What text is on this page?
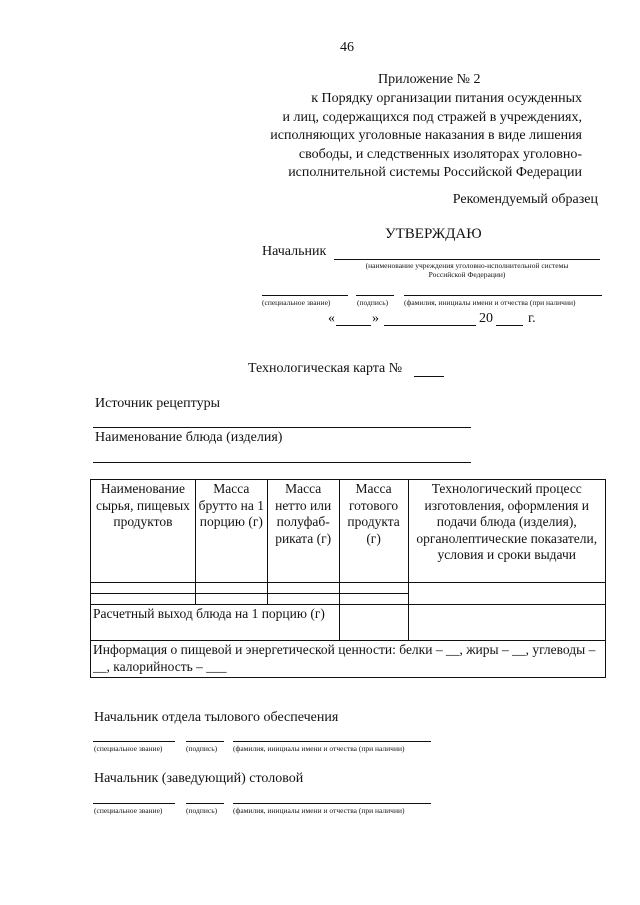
46
Приложение № 2
к Порядку организации питания осужденных
и лиц, содержащихся под стражей в учреждениях,
исполняющих уголовные наказания в виде лишения
свободы, и следственных изоляторах уголовно-
исполнительной системы Российской Федерации
Рекомендуемый образец
УТВЕРЖДАЮ
Начальник
(наименование учреждения уголовно-исполнительной системы
Российской Федерации)
(специальное звание)	(подпись) (фамилия, инициалы имени и отчества (при наличии)
«	»	20	г.
Технологическая карта №
Источник рецептуры
Наименование блюда (изделия)
Наименование сырья, пищевых продуктов	Масса брутто на 1 порцию (г)	Масса нетто или полуфаб-риката (г)	Масса готового продукта (г)	Технологический процесс изготовления, оформления и подачи блюда (изделия), органолептические показатели, условия и сроки выдачи

Расчетный выход блюда на 1 порцию (г)				
Информация о пищевой и энергетической ценности: белки – __, жиры – __, углеводы – __, калорийность – ___				
Начальник отдела тылового обеспечения
(специальное звание)	(подпись) (фамилия, инициалы имени и отчества (при наличии)
Начальник (заведующий) столовой
(специальное звание)	(подпись) (фамилия, инициалы имени и отчества (при наличии)
